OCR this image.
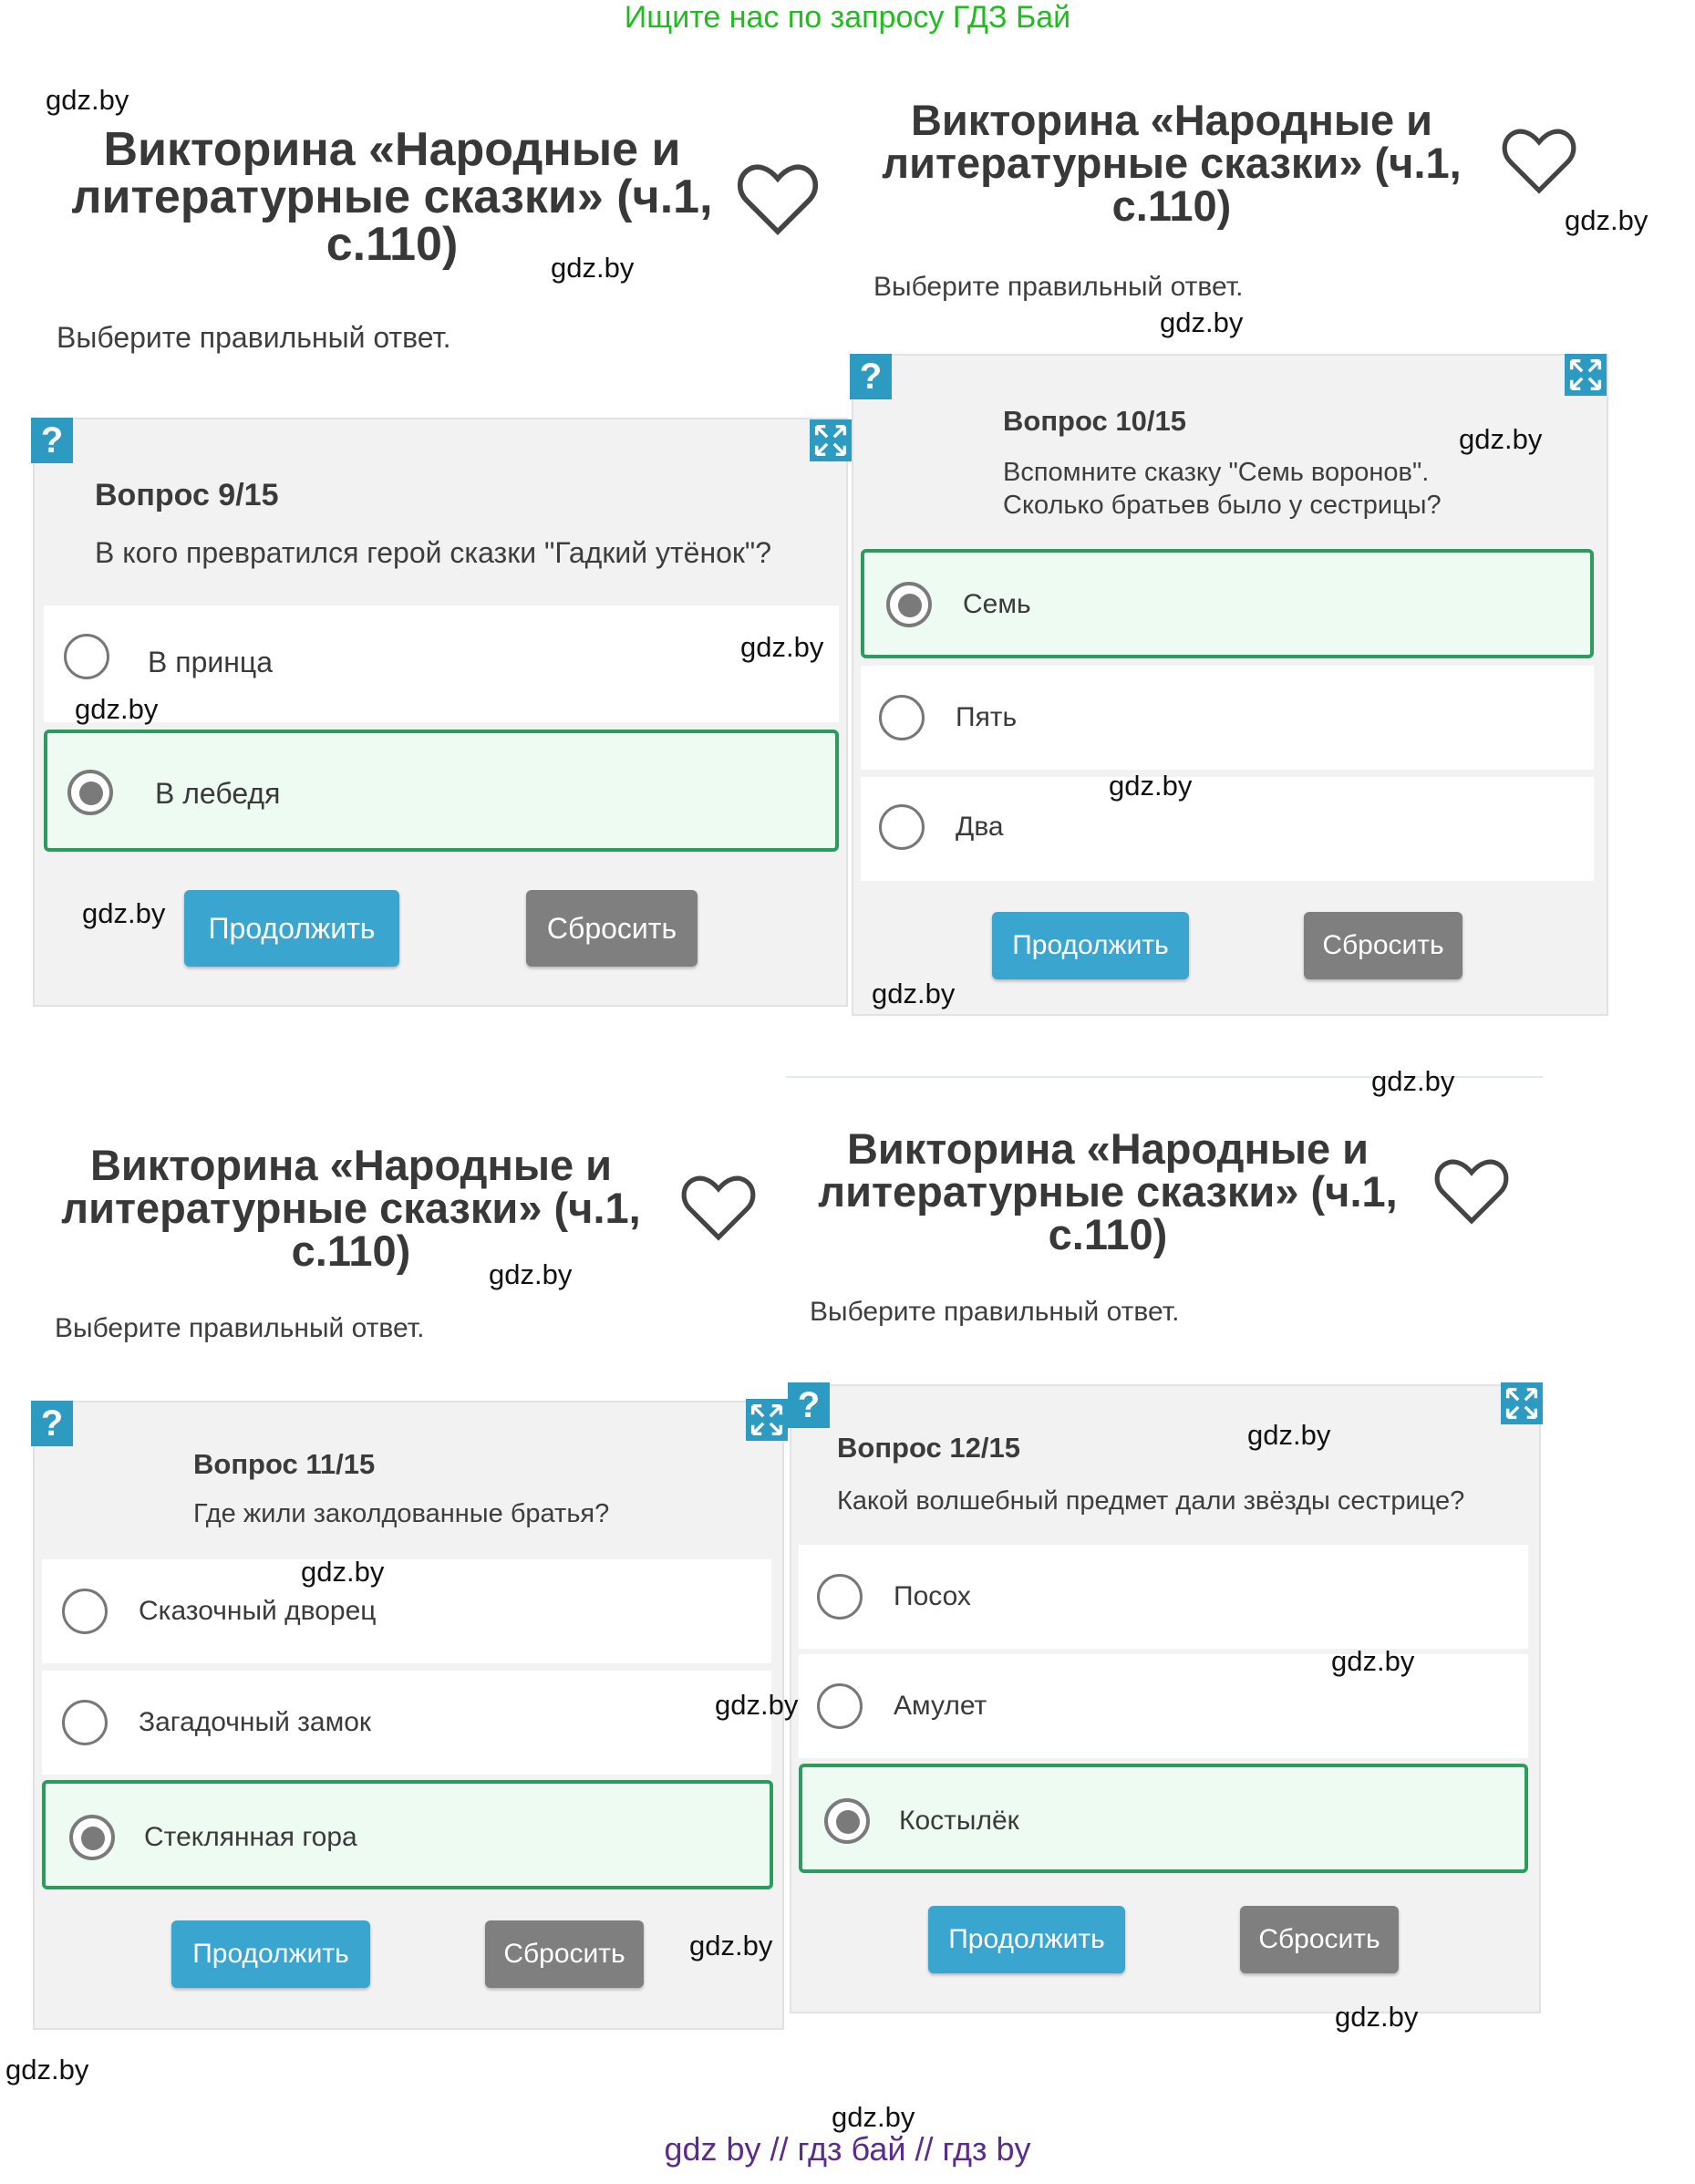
Ищите нас по запросу ГДЗ Бай
Викторина «Народные и
литературные сказки» (ч.1,
с.110)
Выберите правильный ответ.
?
Вопрос 9/15
В кого превратился герой сказки "Гадкий утёнок"?
В принца
В лебедя
Продолжить	Сбросить
Викторина «Народные и
литературные сказки» (ч.1,
с.110)
Выберите правильный ответ.
?
Вопрос 10/15
Вспомните сказку "Семь воронов".
Сколько братьев было у сестрицы?
Семь
Пять
Два
Продолжить	Сбросить
Викторина «Народные и
литературные сказки» (ч.1,
с.110)
Выберите правильный ответ.
?
Вопрос 11/15
Где жили заколдованные братья?
Сказочный дворец
Загадочный замок
Стеклянная гора
Продолжить	Сбросить
Викторина «Народные и
литературные сказки» (ч.1,
с.110)
Выберите правильный ответ.
?
Вопрос 12/15
Какой волшебный предмет дали звёзды сестрице?
Посох
Амулет
Костылёк
Продолжить	Сбросить
gdz.by
gdz.by
gdz.by
gdz.by
gdz.by
gdz.by
gdz.by
gdz.by
gdz.by
gdz.by
gdz.by
gdz.by
gdz.by
gdz.by
gdz.by
gdz.by
gdz.by
gdz.by
gdz.by
gdz.by
gdz by // гдз бай // гдз by
